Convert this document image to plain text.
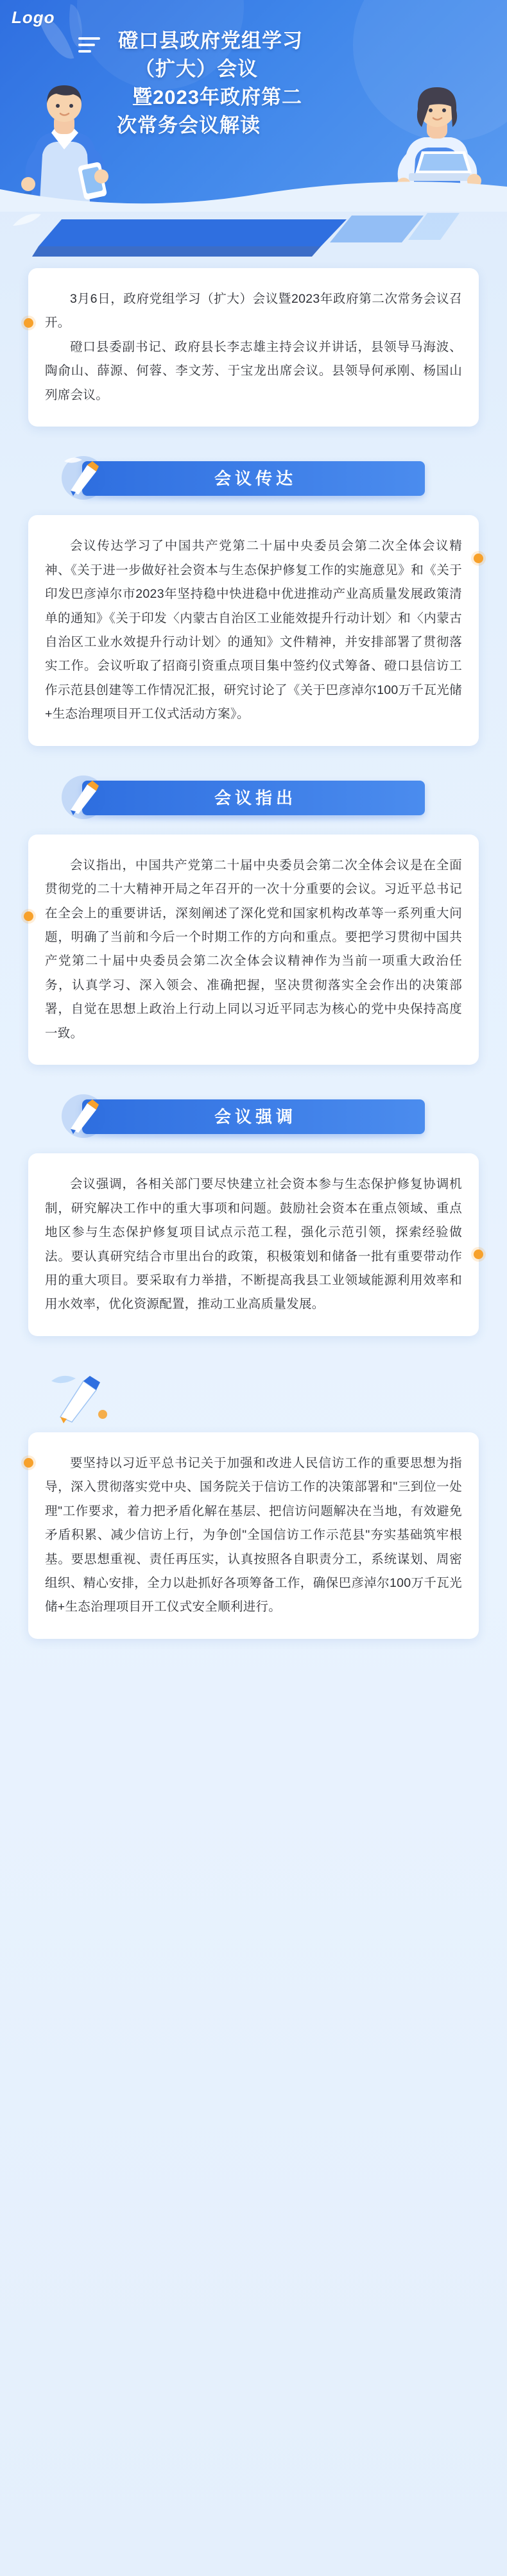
Logo
磴口县政府党组学习
（扩大）会议
暨2023年政府第二
次常务会议解读

3月6日，政府党组学习（扩大）会议暨2023年政府第二次常务会议召开。

磴口县委副书记、政府县长李志雄主持会议并讲话，县领导马海波、陶俞山、薛源、何蓉、李文芳、于宝龙出席会议。县领导何承刚、杨国山列席会议。

会议传达

会议传达学习了中国共产党第二十届中央委员会第二次全体会议精神、《关于进一步做好社会资本与生态保护修复工作的实施意见》和《关于印发巴彦淖尔市2023年坚持稳中快进稳中优进推动产业高质量发展政策清单的通知》《关于印发〈内蒙古自治区工业能效提升行动计划〉和〈内蒙古自治区工业水效提升行动计划〉的通知》文件精神，并安排部署了贯彻落实工作。会议听取了招商引资重点项目集中签约仪式筹备、磴口县信访工作示范县创建等工作情况汇报，研究讨论了《关于巴彦淖尔100万千瓦光储+生态治理项目开工仪式活动方案》。

会议指出

会议指出，中国共产党第二十届中央委员会第二次全体会议是在全面贯彻党的二十大精神开局之年召开的一次十分重要的会议。习近平总书记在全会上的重要讲话，深刻阐述了深化党和国家机构改革等一系列重大问题，明确了当前和今后一个时期工作的方向和重点。要把学习贯彻中国共产党第二十届中央委员会第二次全体会议精神作为当前一项重大政治任务，认真学习、深入领会、准确把握，坚决贯彻落实全会作出的决策部署，自觉在思想上政治上行动上同以习近平同志为核心的党中央保持高度一致。

会议强调

会议强调，各相关部门要尽快建立社会资本参与生态保护修复协调机制，研究解决工作中的重大事项和问题。鼓励社会资本在重点领域、重点地区参与生态保护修复项目试点示范工程，强化示范引领，探索经验做法。要认真研究结合市里出台的政策，积极策划和储备一批有重要带动作用的重大项目。要采取有力举措，不断提高我县工业领域能源利用效率和用水效率，优化资源配置，推动工业高质量发展。

要坚持以习近平总书记关于加强和改进人民信访工作的重要思想为指导，深入贯彻落实党中央、国务院关于信访工作的决策部署和"三到位一处理"工作要求，着力把矛盾化解在基层、把信访问题解决在当地，有效避免矛盾积累、减少信访上行，为争创"全国信访工作示范县"夯实基础筑牢根基。要思想重视、责任再压实，认真按照各自职责分工，系统谋划、周密组织、精心安排，全力以赴抓好各项筹备工作，确保巴彦淖尔100万千瓦光储+生态治理项目开工仪式安全顺利进行。
